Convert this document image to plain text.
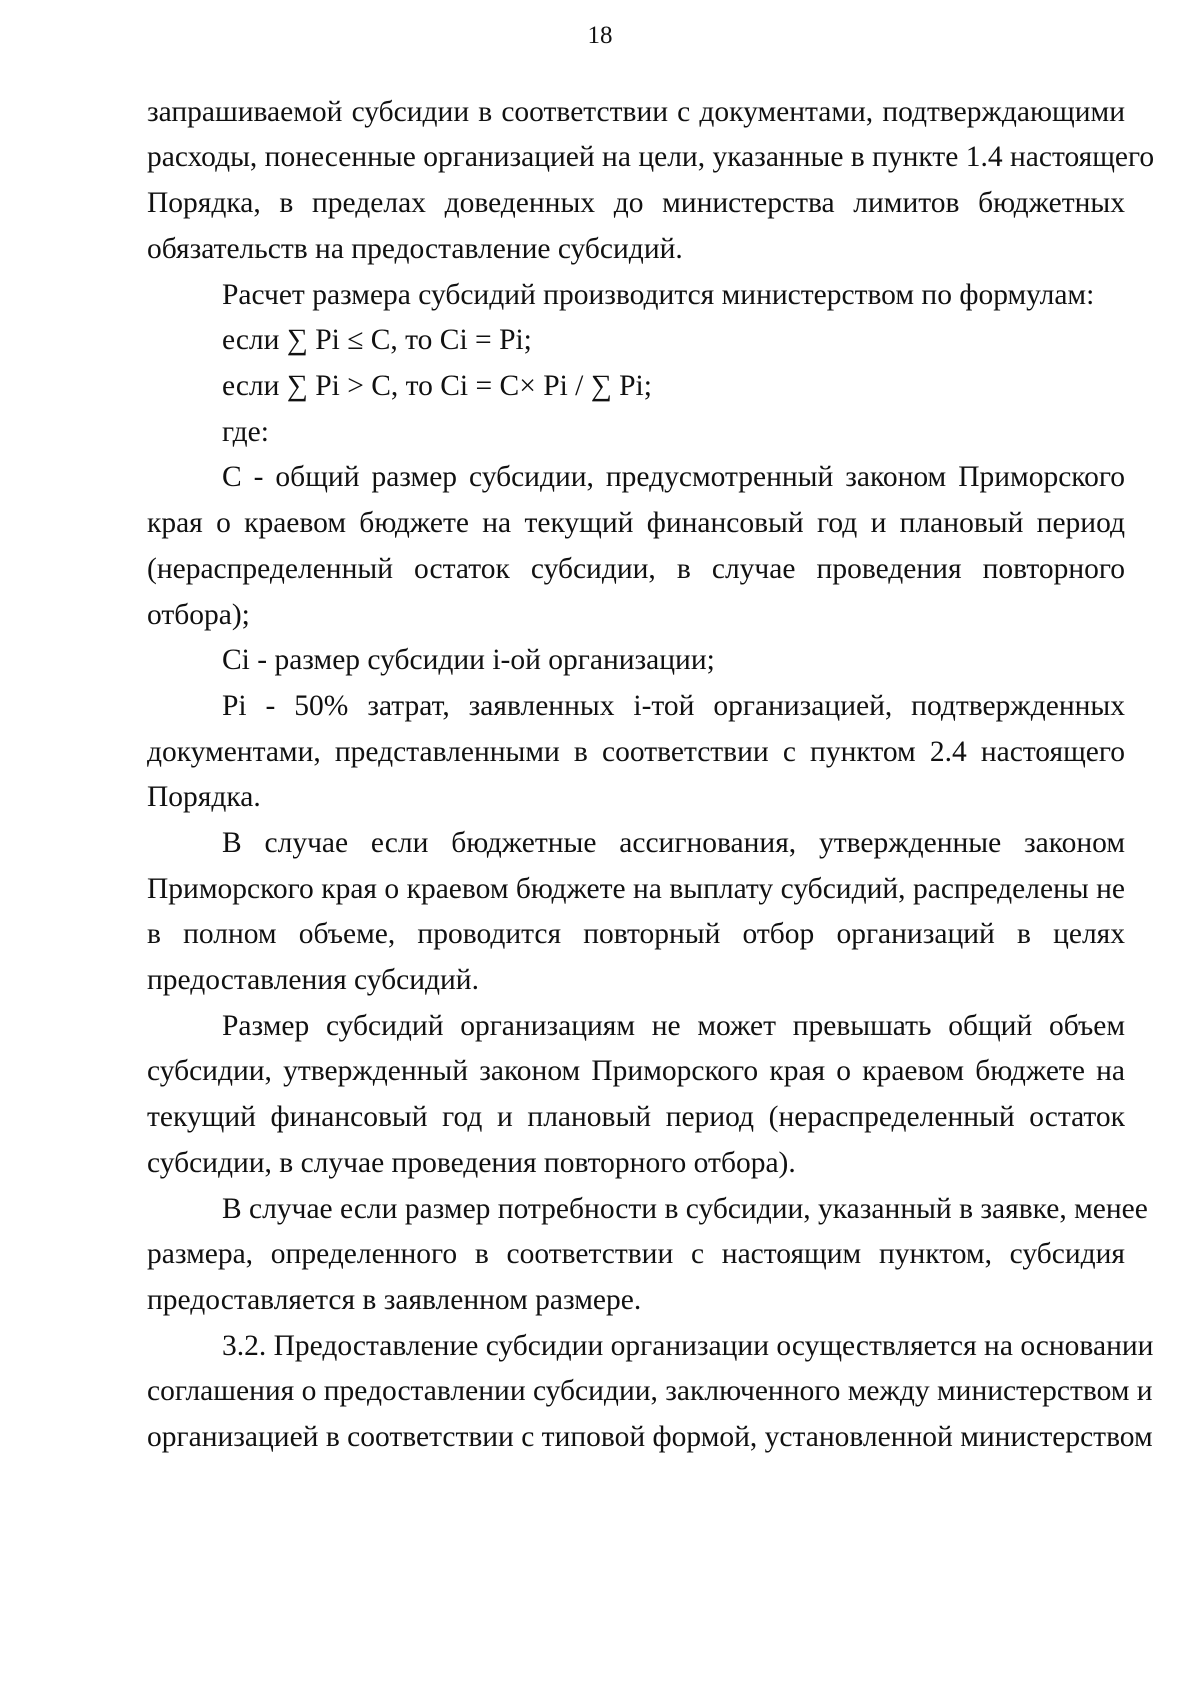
18
запрашиваемой субсидии в соответствии с документами, подтверждающими
расходы, понесенные организацией на цели, указанные в пункте 1.4 настоящего
Порядка, в пределах доведенных до министерства лимитов бюджетных
обязательств на предоставление субсидий.
Расчет размера субсидий производится министерством по формулам:
если ∑ Pi ≤ C, то Ci = Pi;
если ∑ Pi > C, то Ci = C× Pi / ∑ Pi;
где:
C - общий размер субсидии, предусмотренный законом Приморского
края о краевом бюджете на текущий финансовый год и плановый период
(нераспределенный остаток субсидии, в случае проведения повторного
отбора);
Ci - размер субсидии i-ой организации;
Pi - 50% затрат, заявленных i-той организацией, подтвержденных
документами, представленными в соответствии с пунктом 2.4 настоящего
Порядка.
В случае если бюджетные ассигнования, утвержденные законом
Приморского края о краевом бюджете на выплату субсидий, распределены не
в полном объеме, проводится повторный отбор организаций в целях
предоставления субсидий.
Размер субсидий организациям не может превышать общий объем
субсидии, утвержденный законом Приморского края о краевом бюджете на
текущий финансовый год и плановый период (нераспределенный остаток
субсидии, в случае проведения повторного отбора).
В случае если размер потребности в субсидии, указанный в заявке, менее
размера, определенного в соответствии с настоящим пунктом, субсидия
предоставляется в заявленном размере.
3.2. Предоставление субсидии организации осуществляется на основании
соглашения о предоставлении субсидии, заключенного между министерством и
организацией в соответствии с типовой формой, установленной министерством
